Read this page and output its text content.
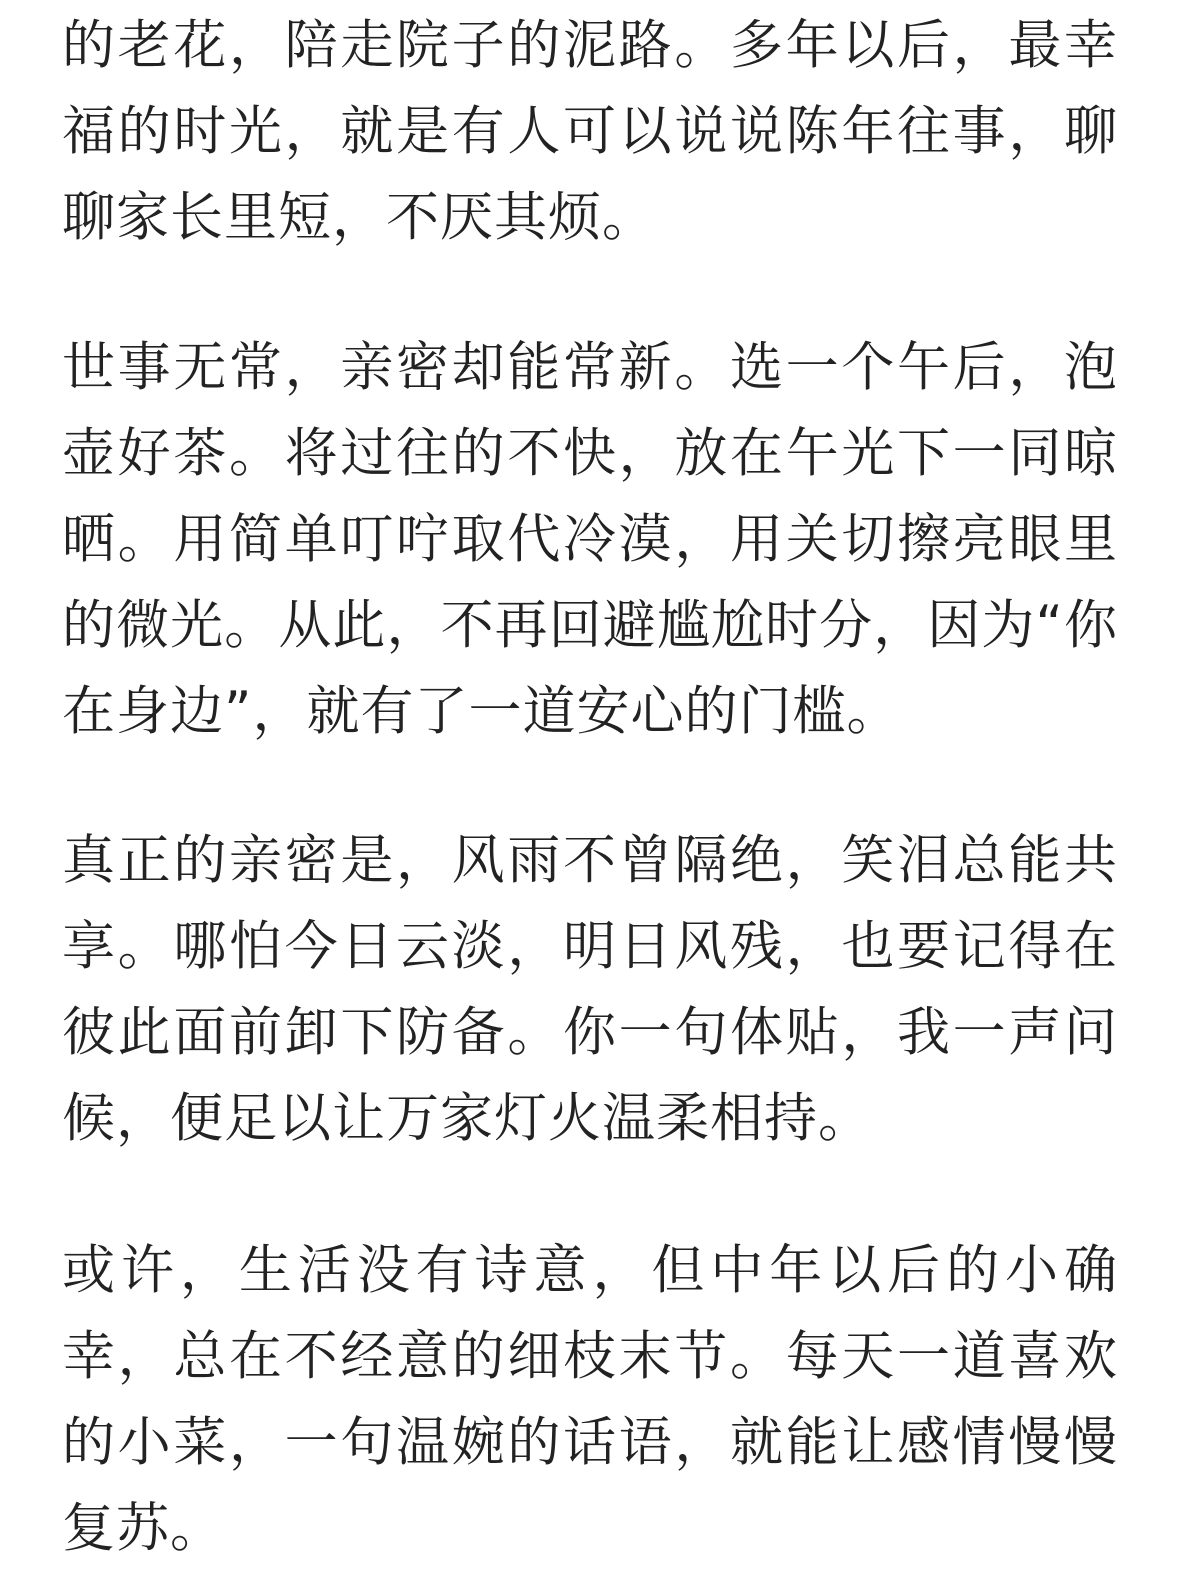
的老花，陪走院子的泥路。多年以后，最幸福的时光，就是有人可以说说陈年往事，聊聊家长里短，不厌其烦。

世事无常，亲密却能常新。选一个午后，泡壶好茶。将过往的不快，放在午光下一同晾晒。用简单叮咛取代冷漠，用关切擦亮眼里的微光。从此，不再回避尴尬时分，因为“你在身边”，就有了一道安心的门槛。

真正的亲密是，风雨不曾隔绝，笑泪总能共享。哪怕今日云淡，明日风残，也要记得在彼此面前卸下防备。你一句体贴，我一声问候，便足以让万家灯火温柔相持。

或许，生活没有诗意，但中年以后的小确幸，总在不经意的细枝末节。每天一道喜欢的小菜，一句温婉的话语，就能让感情慢慢复苏。
